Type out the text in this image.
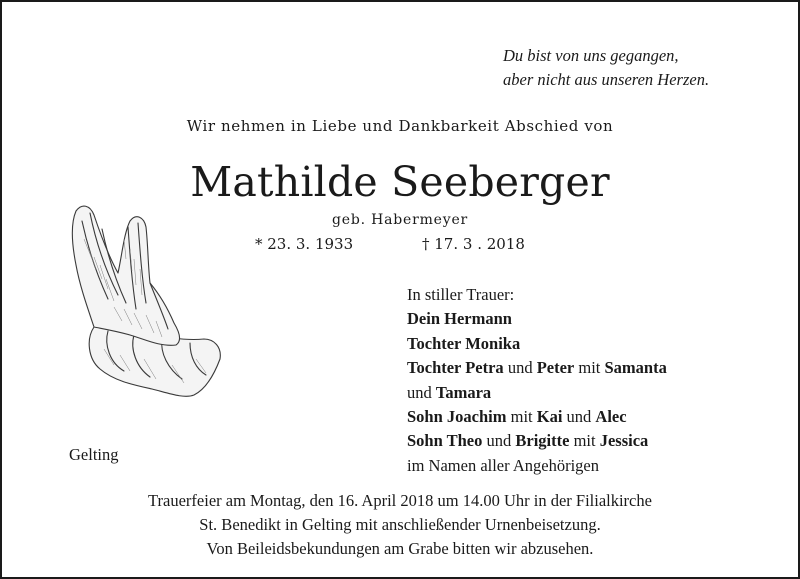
Du bist von uns gegangen,
aber nicht aus unseren Herzen.
Wir nehmen in Liebe und Dankbarkeit Abschied von
Mathilde Seeberger
geb. Habermeyer
* 23. 3. 1933	† 17. 3 . 2018
Gelting
In stiller Trauer:
Dein Hermann
Tochter Monika
Tochter Petra und Peter mit Samanta
und Tamara
Sohn Joachim mit Kai und Alec
Sohn Theo und Brigitte mit Jessica
im Namen aller Angehörigen
Trauerfeier am Montag, den 16. April 2018 um 14.00 Uhr in der Filialkirche
St. Benedikt in Gelting mit anschließender Urnenbeisetzung.
Von Beileidsbekundungen am Grabe bitten wir abzusehen.
